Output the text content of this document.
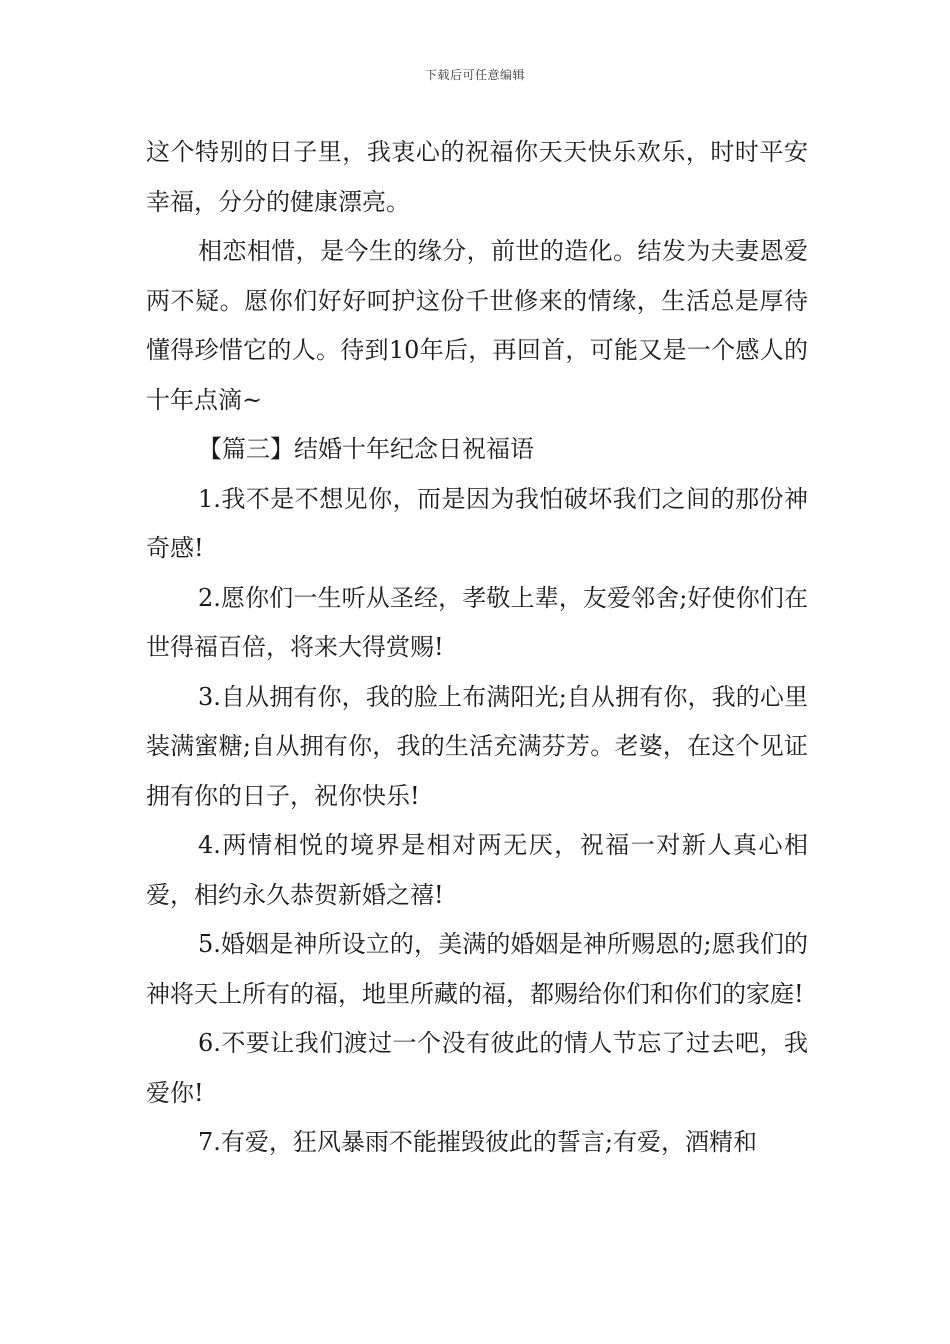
下载后可任意编辑

这个特别的日子里，我衷心的祝福你天天快乐欢乐，时时平安幸福，分分的健康漂亮。

相恋相惜，是今生的缘分，前世的造化。结发为夫妻恩爱两不疑。愿你们好好呵护这份千世修来的情缘，生活总是厚待懂得珍惜它的人。待到10年后，再回首，可能又是一个感人的十年点滴~

【篇三】结婚十年纪念日祝福语

1.我不是不想见你，而是因为我怕破坏我们之间的那份神奇感!

2.愿你们一生听从圣经，孝敬上辈，友爱邻舍;好使你们在世得福百倍，将来大得赏赐!

3.自从拥有你，我的脸上布满阳光;自从拥有你，我的心里装满蜜糖;自从拥有你，我的生活充满芬芳。老婆，在这个见证拥有你的日子，祝你快乐!

4.两情相悦的境界是相对两无厌，祝福一对新人真心相爱，相约永久恭贺新婚之禧!

5.婚姻是神所设立的，美满的婚姻是神所赐恩的;愿我们的神将天上所有的福，地里所藏的福，都赐给你们和你们的家庭!

6.不要让我们渡过一个没有彼此的情人节忘了过去吧，我爱你!

7.有爱，狂风暴雨不能摧毁彼此的誓言;有爱，酒精和
